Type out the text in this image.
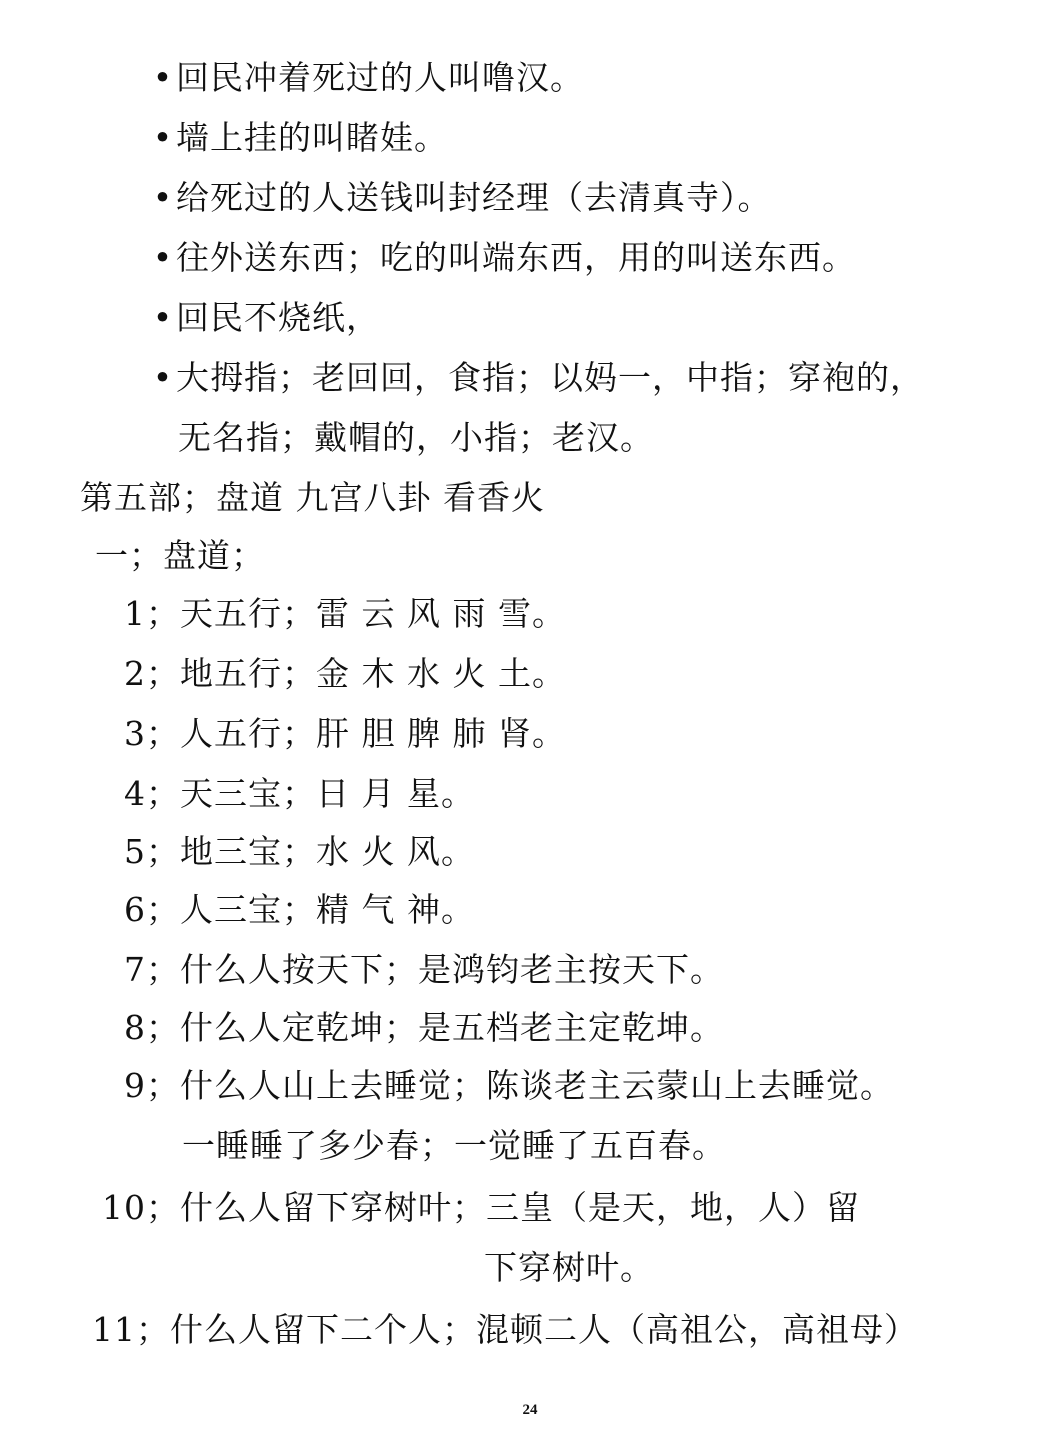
•回民冲着死过的人叫噜汉。
•墙上挂的叫睹娃。
•给死过的人送钱叫封经理（去清真寺）。
•往外送东西；吃的叫端东西，用的叫送东西。
•回民不烧纸，
•大拇指；老回回，食指；以妈一，中指；穿袍的，
无名指；戴帽的，小指；老汉。
第五部；盘道 九宫八卦 看香火
一；盘道；
1；天五行；雷 云 风 雨 雪。
2；地五行；金 木 水 火 土。
3；人五行；肝 胆 脾 肺 肾。
4；天三宝；日 月 星。
5；地三宝；水 火 风。
6；人三宝；精 气 神。
7；什么人按天下；是鸿钧老主按天下。
8；什么人定乾坤；是五档老主定乾坤。
9；什么人山上去睡觉；陈谈老主云蒙山上去睡觉。
一睡睡了多少春；一觉睡了五百春。
10；什么人留下穿树叶；三皇（是天，地，人）留
下穿树叶。
11；什么人留下二个人；混顿二人（高祖公，高祖母）
24
